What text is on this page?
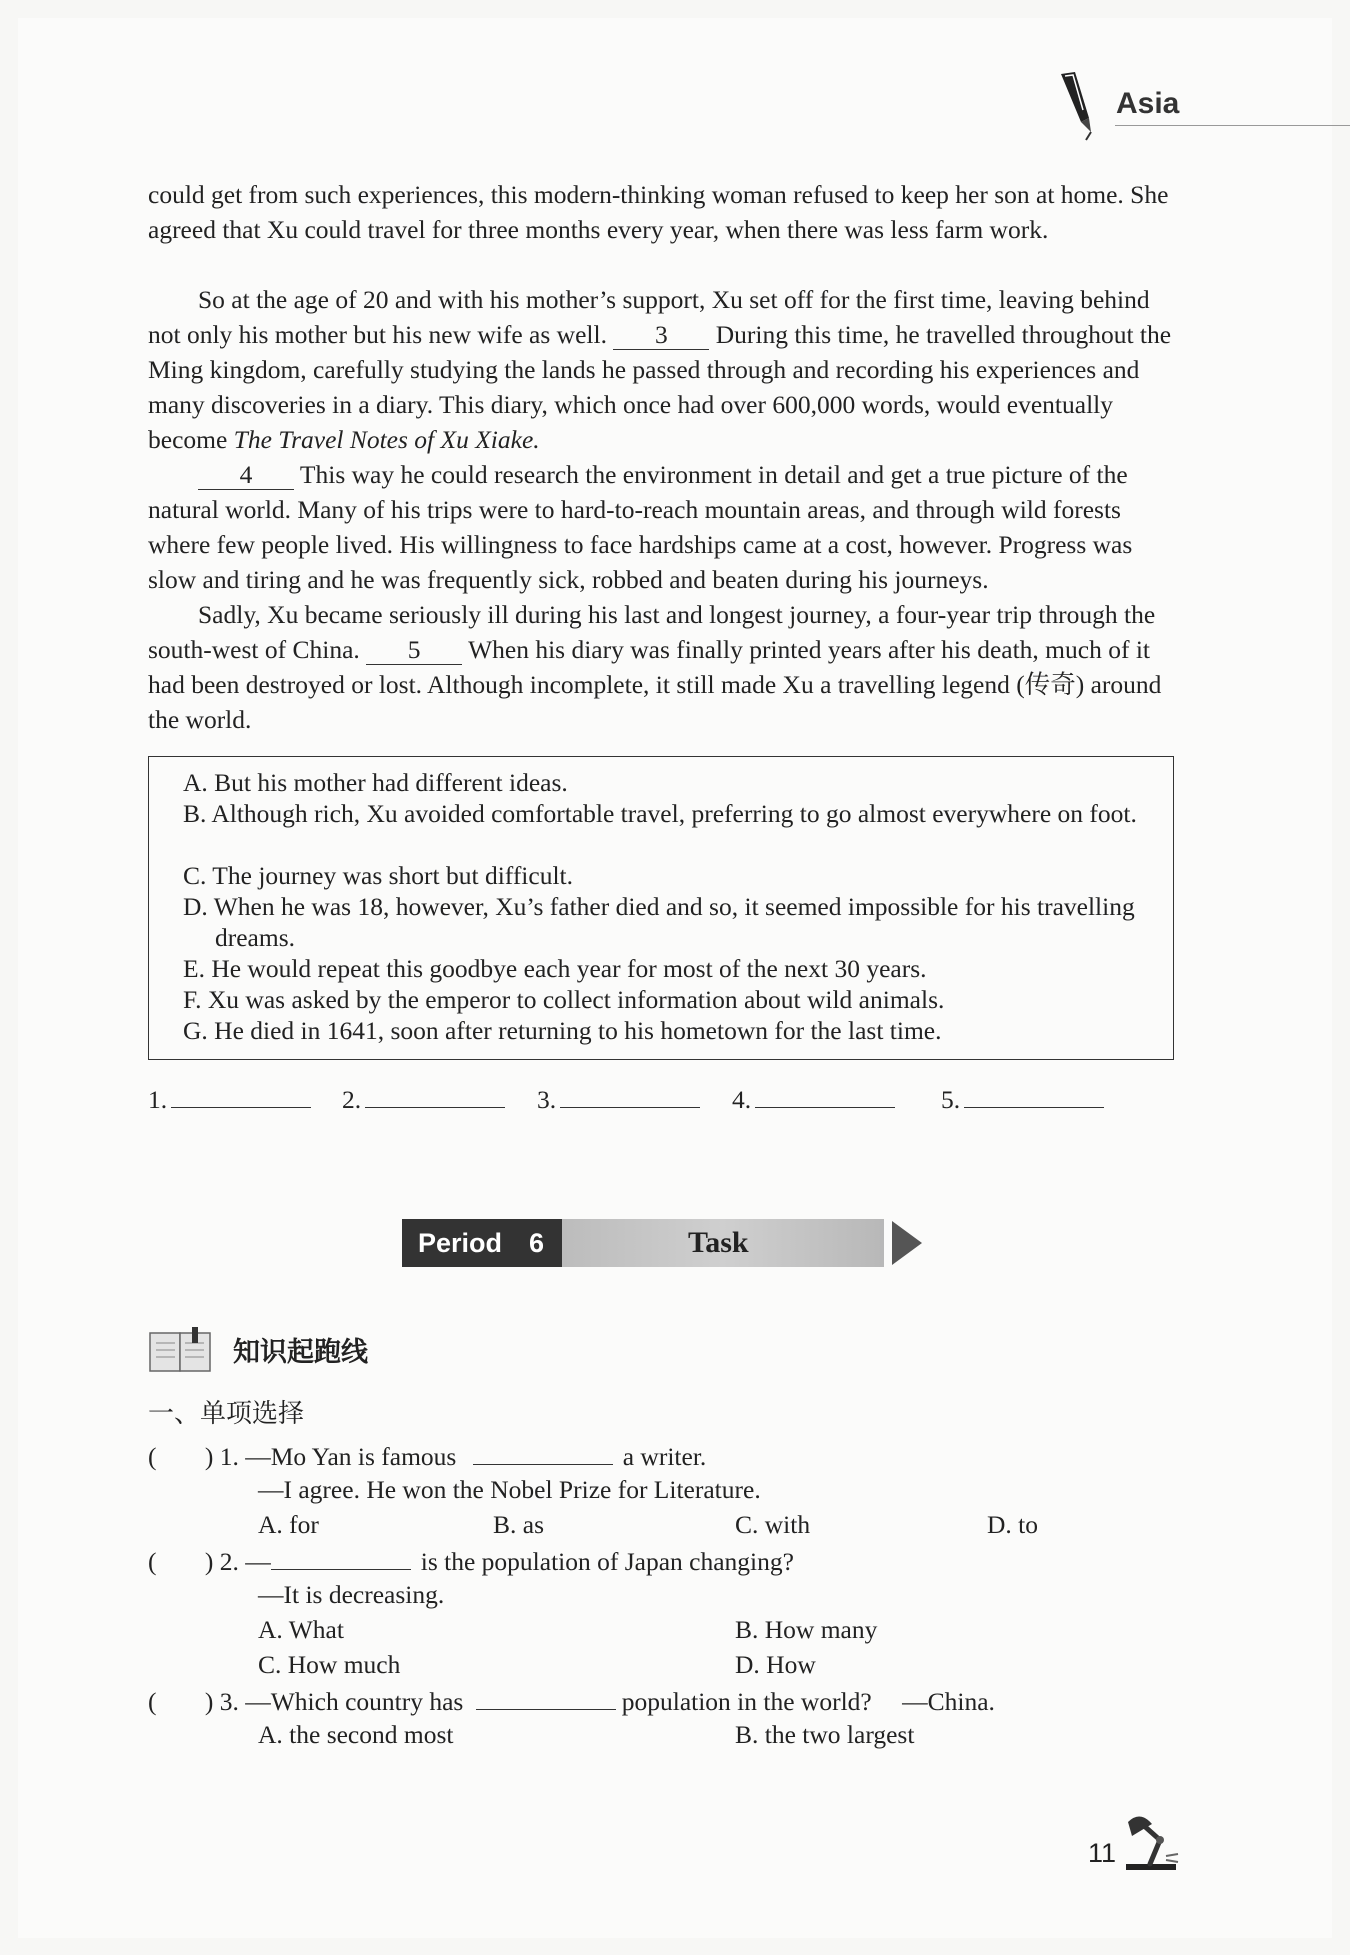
Asia

could get from such experiences, this modern-thinking woman refused to keep her son at home. She agreed that Xu could travel for three months every year, when there was less farm work.

So at the age of 20 and with his mother’s support, Xu set off for the first time, leaving behind not only his mother but his new wife as well. 3 During this time, he travelled throughout the Ming kingdom, carefully studying the lands he passed through and recording his experiences and many discoveries in a diary. This diary, which once had over 600,000 words, would eventually become The Travel Notes of Xu Xiake.

4 This way he could research the environment in detail and get a true picture of the natural world. Many of his trips were to hard-to-reach mountain areas, and through wild forests where few people lived. His willingness to face hardships came at a cost, however. Progress was slow and tiring and he was frequently sick, robbed and beaten during his journeys.

Sadly, Xu became seriously ill during his last and longest journey, a four-year trip through the south-west of China. 5 When his diary was finally printed years after his death, much of it had been destroyed or lost. Although incomplete, it still made Xu a travelling legend (传奇) around the world.

A. But his mother had different ideas.
B. Although rich, Xu avoided comfortable travel, preferring to go almost everywhere on foot.
C. The journey was short but difficult.
D. When he was 18, however, Xu’s father died and so, it seemed impossible for his travelling dreams.
E. He would repeat this goodbye each year for most of the next 30 years.
F. Xu was asked by the emperor to collect information about wild animals.
G. He died in 1641, soon after returning to his hometown for the last time.
1.	2.	3.	4.	5.
Period 6	Task
知识起跑线
一、单项选择
( ) 1. —Mo Yan is famous	a writer.
—I agree. He won the Nobel Prize for Literature.
A. for	B. as	C. with	D. to
( ) 2. —	is the population of Japan changing?
—It is decreasing.
A. What	B. How many
C. How much	D. How
( ) 3. —Which country has	population in the world? —China.
A. the second most	B. the two largest
11
